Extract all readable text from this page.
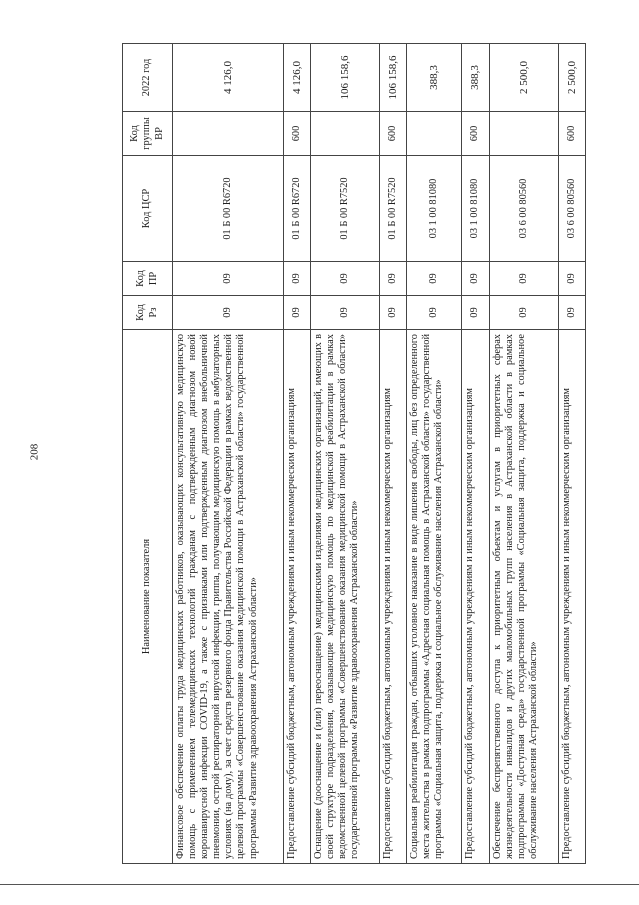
208
Наименование показателя	Код Рз	Код ПР	Код ЦСР	Код группы ВР	2022 год
Финансовое обеспечение оплаты труда медицинских работников, оказывающих консультативную медицинскую помощь с применением телемедицинских технологий гражданам с подтвержденным диагнозом новой коронавирусной инфекции COVID-19, а также с признаками или подтвержденным диагнозом внебольничной пневмонии, острой респираторной вирусной инфекции, гриппа, получающим медицинскую помощь в амбулаторных условиях (на дому), за счет средств резервного фонда Правительства Российской Федерации в рамках ведомственной целевой программы «Совершенствование оказания медицинской помощи в Астраханской области» государственной программы «Развитие здравоохранения Астраханской области»	09	09	01 Б 00 R6720		4 126,0
Предоставление субсидий бюджетным, автономным учреждениям и иным некоммерческим организациям	09	09	01 Б 00 R6720	600	4 126,0
Оснащение (дооснащение и (или) переоснащение) медицинскими изделиями медицинских организаций, имеющих в своей структуре подразделения, оказывающие медицинскую помощь по медицинской реабилитации в рамках ведомственной целевой программы «Совершенствование оказания медицинской помощи в Астраханской области» государственной программы «Развитие здравоохранения Астраханской области»	09	09	01 Б 00 R7520		106 158,6
Предоставление субсидий бюджетным, автономным учреждениям и иным некоммерческим организациям	09	09	01 Б 00 R7520	600	106 158,6
Социальная реабилитация граждан, отбывших уголовное наказание в виде лишения свободы, лиц без определенного места жительства в рамках подпрограммы «Адресная социальная помощь в Астраханской области» государственной программы «Социальная защита, поддержка и социальное обслуживание населения Астраханской области»	09	09	03 1 00 81080		388,3
Предоставление субсидий бюджетным, автономным учреждениям и иным некоммерческим организациям	09	09	03 1 00 81080	600	388,3
Обеспечение беспрепятственного доступа к приоритетным объектам и услугам в приоритетных сферах жизнедеятельности инвалидов и других маломобильных групп населения в Астраханской области в рамках подпрограммы «Доступная среда» государственной программы «Социальная защита, поддержка и социальное обслуживание населения Астраханской области»	09	09	03 6 00 80560		2 500,0
Предоставление субсидий бюджетным, автономным учреждениям и иным некоммерческим организациям	09	09	03 6 00 80560	600	2 500,0
